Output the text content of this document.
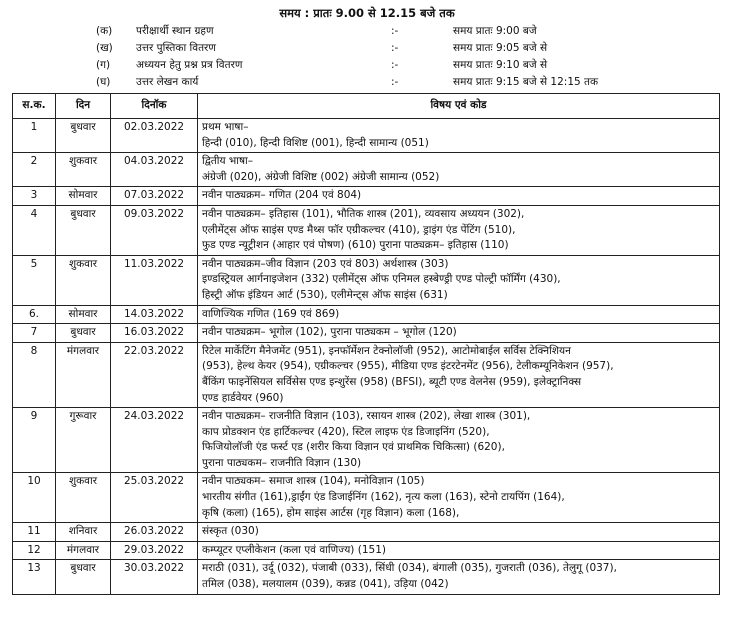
समय : प्रातः 9.00 से 12.15 बजे तक
(क)	परीक्षार्थी स्थान ग्रहण	:-	समय प्रातः 9:00 बजे
(ख)	उत्तर पुस्तिका वितरण	:-	समय प्रातः 9:05 बजे से
(ग)	अध्ययन हेतु प्रश्न प्रत्र वितरण	:-	समय प्रातः 9:10 बजे से
(घ)	उत्तर लेखन कार्य	:-	समय प्रातः 9:15 बजे से 12:15 तक
स.क.	दिन	दिनॉक	विषय एवं कोड
1	बुधवार	02.03.2022	प्रथम भाषा–
हिन्दी (010), हिन्दी विशिष्ट (001), हिन्दी सामान्य (051)

2	शुकवार	04.03.2022	द्वितीय भाषा–
अंग्रेजी (020), अंग्रेजी विशिष्ट (002) अंग्रेजी सामान्य (052)

3	सोमवार	07.03.2022	नवीन पाठ्यक्रम– गणित (204 एवं 804)

4	बुधवार	09.03.2022	नवीन पाठ्यक्रम– इतिहास (101), भौतिक शास्त्र (201), व्यवसाय अध्ययन (302),
एलीमेंट्स ऑफ साइंस एण्ड मैथ्स फॉर एग्रीकल्चर (410), ड्राइंग एंड पेंटिंग (510),
फुड एण्ड न्यूट्रीशन (आहार एवं पोषण) (610) पुराना पाठ्यक्रम– इतिहास (110)

5	शुकवार	11.03.2022	नवीन पाठ्यक्रम–जीव विज्ञान (203 एवं 803) अर्थशास्त्र (303)
इण्डस्ट्रियल आर्गनाइजेशन (332) एलीमेंट्स ऑफ एनिमल हस्बेण्ड्री एण्ड पोल्ट्री फॉर्मिंग (430),
हिस्ट्री ऑफ इंडियन आर्ट (530), एलीमेन्ट्स ऑफ साइंस (631)

6.	सोमवार	14.03.2022	वाणिज्यिक गणित (169 एवं 869)

7	बुधवार	16.03.2022	नवीन पाठ्यक्रम– भूगोल (102), पुराना पाठ्यकम – भूगोल (120)

8	मंगलवार	22.03.2022	रिटेल मार्केटिंग मैनेजमेंट (951), इनफॉर्मेशन टेक्नोलॉजी (952), आटोमोबाईल सर्विस टेक्निशियन
(953), हेल्थ केयर (954), एग्रीकल्चर (955), मीडिया एण्ड इंटरटेनमेंट (956), टेलीकम्यूनिकेशन (957),
बैंकिंग फाइनेंसियल सर्विसेस एण्ड इन्शुरेंस (958) (BFSI), ब्यूटी एण्ड वेलनेस (959), इलेक्ट्रानिक्स
एण्ड हार्डवेयर (960)

9	गुरूवार	24.03.2022	नवीन पाठ्यक्रम– राजनीति विज्ञान (103), रसायन शास्त्र (202), लेखा शास्त्र (301),
काप प्रोडक्शन एंड हार्टिकल्चर (420), स्टिल लाइफ एंड डिजाइनिंग (520),
फिजियोलॉजी एंड फर्स्ट एड (शरीर किया विज्ञान एवं प्राथमिक चिकित्सा) (620),
पुराना पाठ्यकम– राजनीति विज्ञान (130)

10	शुकवार	25.03.2022	नवीन पाठ्यकम– समाज शास्त्र (104), मनोविज्ञान (105)
भारतीय संगीत (161),ड्राईंग एंड डिजाईनिंग (162), नृत्य कला (163), स्टेनो टायपिंग (164),
कृषि (कला) (165), होम साइंस आर्टस (गृह विज्ञान) कला (168),

11	शनिवार	26.03.2022	संस्कृत (030)

12	मंगलवार	29.03.2022	कम्प्यूटर एप्लीकेशन (कला एवं वाणिज्य) (151)

13	बुधवार	30.03.2022	मराठी (031), उर्दू (032), पंजाबी (033), सिंधी (034), बंगाली (035), गुजराती (036), तेलुगू (037),
तमिल (038), मलयालम (039), कन्नड (041), उड़िया (042)
